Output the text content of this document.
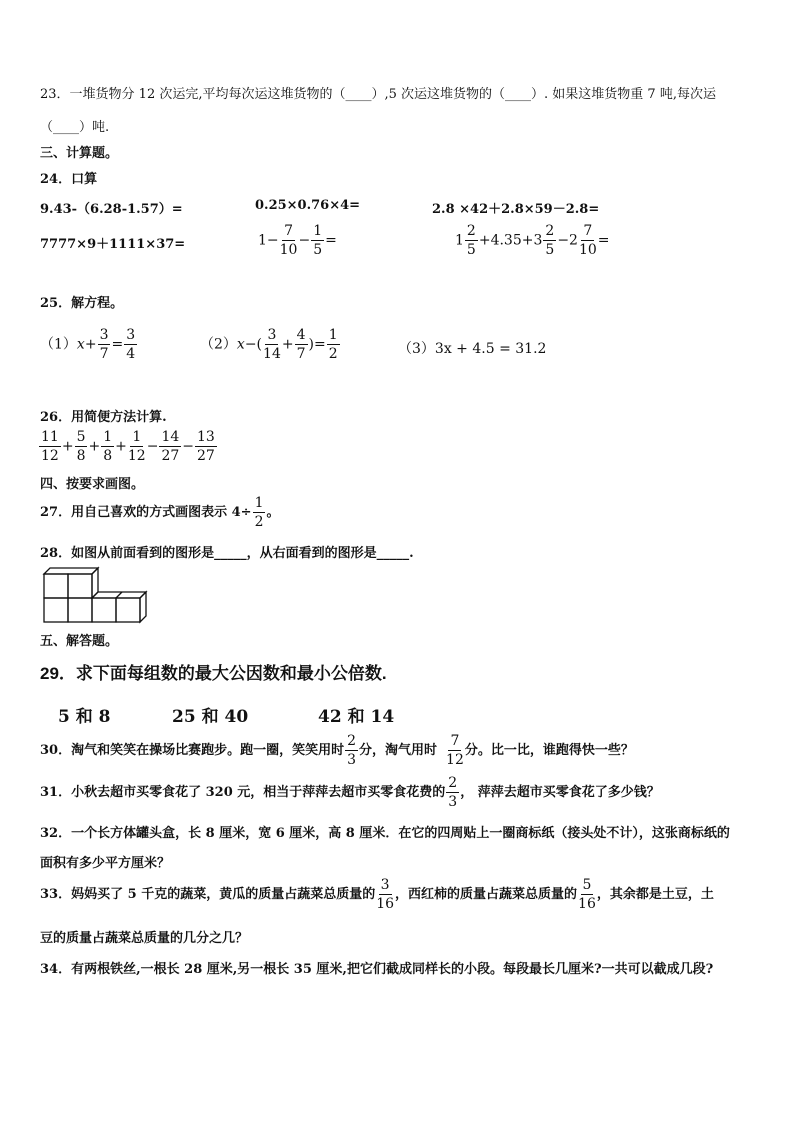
23．一堆货物分 12 次运完,平均每次运这堆货物的（____）,5 次运这堆货物的（____）. 如果这堆货物重 7 吨,每次运
（____）吨.
三、计算题。
24．口算
9.43-（6.28-1.57）=	0.25×0.76×4=	2.8 ×42＋2.8×59－2.8=
7777×9＋1111×37=	$1- \frac{7}{10} - \frac{1}{5}$ =	$1 \frac{2}{5} +4.35+3 \frac{2}{5} -2 \frac{7}{10}$ =
25．解方程。
$(1)x+ \frac{3}{7} = \frac{3}{4}$	$(2)x-( \frac{3}{14} + \frac{4}{7}$ )= $\frac{1}{2}$	（3）3x + 4.5 = 31.2
26．用简便方法计算.
$\frac{11}{12} + \frac{5}{8} + \frac{1}{8} + \frac{1}{12} - \frac{14}{27} - \frac{13}{27}$
四、按要求画图。
27．用自己喜欢的方式画图表示 $4\div \frac{1}{2}$ 。
28．如图从前面看到的图形是_____，从右面看到的图形是_____.
五、解答题。
29．求下面每组数的最大公因数和最小公倍数.
5 和 8	25 和 40	42 和 14
30．淘气和笑笑在操场比赛跑步。跑一圈，笑笑用时 $\frac{2}{3}$ 分，淘气用时 $\frac{7}{12}$ 分。比一比，谁跑得快一些？
31．小秋去超市买零食花了 320 元，相当于萍萍去超市买零食花费的 $\frac{2}{3}$ ， 萍萍去超市买零食花了多少钱？
32．一个长方体罐头盒，长 8 厘米，宽 6 厘米，高 8 厘米．在它的四周贴上一圈商标纸（接头处不计），这张商标纸的
面积有多少平方厘米？
33．妈妈买了 5 千克的蔬菜，黄瓜的质量占蔬菜总质量的 $\frac{3}{16}$ ，西红柿的质量占蔬菜总质量的 $\frac{5}{16}$ ，其余都是土豆，土
豆的质量占蔬菜总质量的几分之几？
34．有两根铁丝,一根长 28 厘米,另一根长 35 厘米,把它们截成同样长的小段。每段最长几厘米?一共可以截成几段?
